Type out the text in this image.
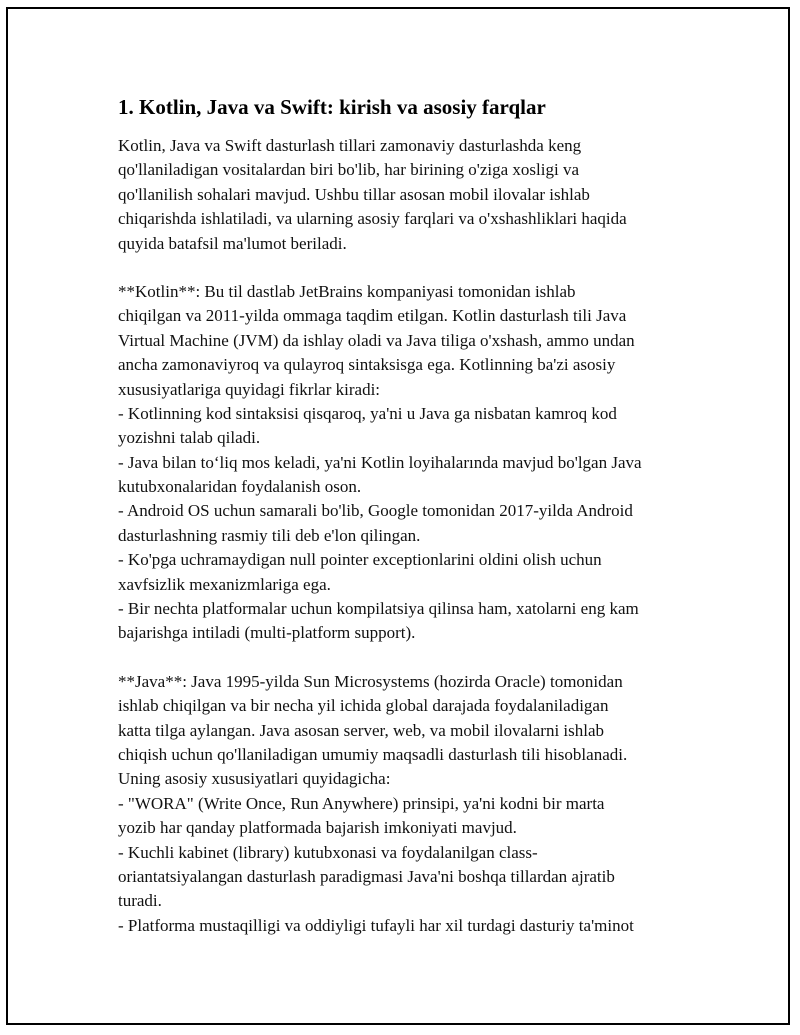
1. Kotlin, Java va Swift: kirish va asosiy farqlar
Kotlin, Java va Swift dasturlash tillari zamonaviy dasturlashda keng
qo'llaniladigan vositalardan biri bo'lib, har birining o'ziga xosligi va
qo'llanilish sohalari mavjud. Ushbu tillar asosan mobil ilovalar ishlab
chiqarishda ishlatiladi, va ularning asosiy farqlari va o'xshashliklari haqida
quyida batafsil ma'lumot beriladi.
**Kotlin**: Bu til dastlab JetBrains kompaniyasi tomonidan ishlab
chiqilgan va 2011-yilda ommaga taqdim etilgan. Kotlin dasturlash tili Java
Virtual Machine (JVM) da ishlay oladi va Java tiliga o'xshash, ammo undan
ancha zamonaviyroq va qulayroq sintaksisga ega. Kotlinning ba'zi asosiy
xususiyatlariga quyidagi fikrlar kiradi:
- Kotlinning kod sintaksisi qisqaroq, ya'ni u Java ga nisbatan kamroq kod
yozishni talab qiladi.
- Java bilan to‘liq mos keladi, ya'ni Kotlin loyihalarında mavjud bo'lgan Java
kutubxonalaridan foydalanish oson.
- Android OS uchun samarali bo'lib, Google tomonidan 2017-yilda Android
dasturlashning rasmiy tili deb e'lon qilingan.
- Ko'pga uchramaydigan null pointer exceptionlarini oldini olish uchun
xavfsizlik mexanizmlariga ega.
- Bir nechta platformalar uchun kompilatsiya qilinsa ham, xatolarni eng kam
bajarishga intiladi (multi-platform support).
**Java**: Java 1995-yilda Sun Microsystems (hozirda Oracle) tomonidan
ishlab chiqilgan va bir necha yil ichida global darajada foydalaniladigan
katta tilga aylangan. Java asosan server, web, va mobil ilovalarni ishlab
chiqish uchun qo'llaniladigan umumiy maqsadli dasturlash tili hisoblanadi.
Uning asosiy xususiyatlari quyidagicha:
- "WORA" (Write Once, Run Anywhere) prinsipi, ya'ni kodni bir marta
yozib har qanday platformada bajarish imkoniyati mavjud.
- Kuchli kabinet (library) kutubxonasi va foydalanilgan class-
oriantatsiyalangan dasturlash paradigmasi Java'ni boshqa tillardan ajratib
turadi.
- Platforma mustaqilligi va oddiyligi tufayli har xil turdagi dasturiy ta'minot
